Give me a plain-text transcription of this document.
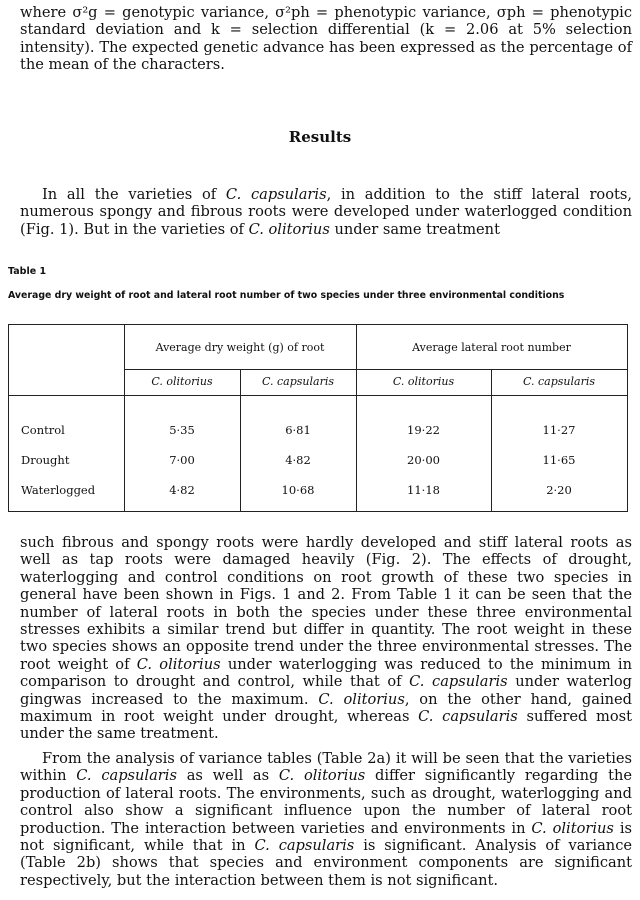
where σ²g = genotypic variance, σ²ph = phenotypic variance, σph = phenotypic standard deviation and k = selection differential (k = 2.06 at 5% selection intensity). The expected genetic advance has been expressed as the percentage of the mean of the characters.

Results

In all the varieties of C. capsularis, in addition to the stiff lateral roots, numerous spongy and fibrous roots were developed under waterlogged condition (Fig. 1). But in the varieties of C. olitorius under same treatment

Table 1
Average dry weight of root and lateral root number of two species under three environmental conditions
Average dry weight (g) of root	Average lateral root number
C. olitorius	C. capsularis	C. olitorius	C. capsularis
Control	5·35	6·81	19·22	11·27
Drought	7·00	4·82	20·00	11·65
Waterlogged	4·82	10·68	11·18	2·20

such fibrous and spongy roots were hardly developed and stiff lateral roots as well as tap roots were damaged heavily (Fig. 2). The effects of drought, waterlogging and control conditions on root growth of these two species in general have been shown in Figs. 1 and 2. From Table 1 it can be seen that the number of lateral roots in both the species under these three environmental stresses exhibits a similar trend but differ in quantity. The root weight in these two species shows an opposite trend under the three environmental stresses. The root weight of C. olitorius under waterlogging was reduced to the minimum in comparison to drought and control, while that of C. capsularis under waterlog gingwas increased to the maximum. C. olitorius, on the other hand, gained maximum in root weight under drought, whereas C. capsularis suffered most under the same treatment.

From the analysis of variance tables (Table 2a) it will be seen that the varieties within C. capsularis as well as C. olitorius differ significantly regarding the production of lateral roots. The environments, such as drought, waterlogging and control also show a significant influence upon the number of lateral root production. The interaction between varieties and environments in C. olitorius is not significant, while that in C. capsularis is significant. Analysis of variance (Table 2b) shows that species and environment components are significant respectively, but the interaction between them is not significant.
